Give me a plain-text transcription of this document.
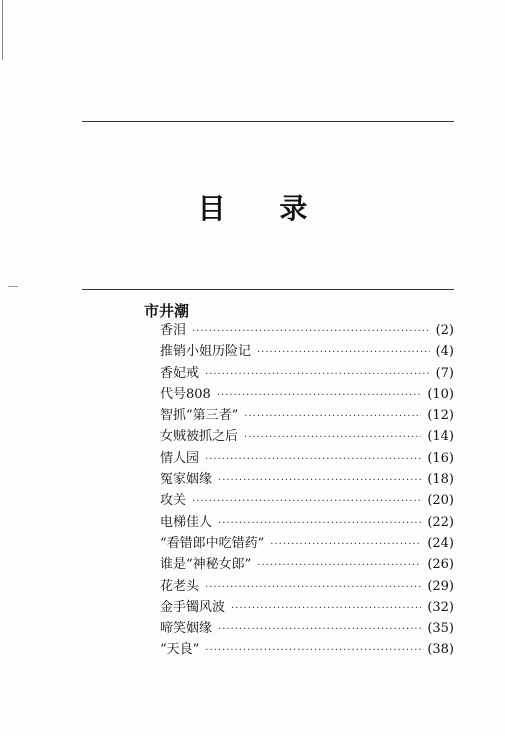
目 录
市井潮
香泪 ·····	(2)
推销小姐历险记 ·····	(4)
香妃戒 ·····	(7)
代号808 ·····	(10)
智抓“第三者” ·····	(12)
女贼被抓之后 ·····	(14)
情人园 ·····	(16)
冤家姻缘 ·····	(18)
攻关 ·····	(20)
电梯佳人 ·····	(22)
“看错郎中吃错药” ·····	(24)
谁是“神秘女郎” ·····	(26)
花老头 ·····	(29)
金手镯风波 ·····	(32)
啼笑姻缘 ·····	(35)
“天良” ·····	(38)
